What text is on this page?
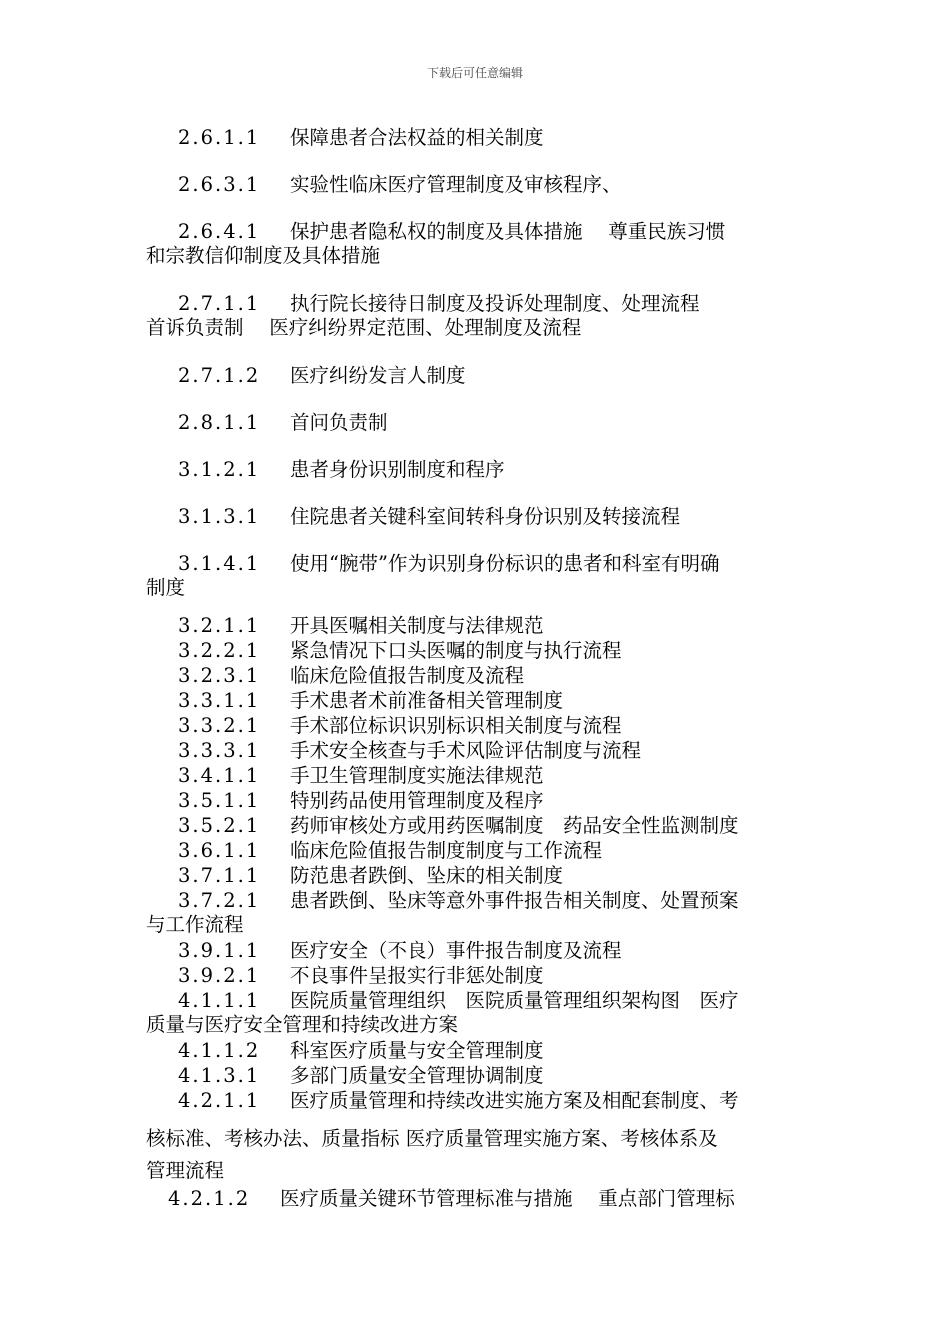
下载后可任意编辑
2.6.1.1 保障患者合法权益的相关制度
2.6.3.1 实验性临床医疗管理制度及审核程序、
2.6.4.1 保护患者隐私权的制度及具体措施　 尊重民族习惯
和宗教信仰制度及具体措施
2.7.1.1 执行院长接待日制度及投诉处理制度、处理流程
首诉负责制　 医疗纠纷界定范围、处理制度及流程
2.7.1.2 医疗纠纷发言人制度
2.8.1.1 首问负责制
3.1.2.1 患者身份识别制度和程序
3.1.3.1 住院患者关键科室间转科身份识别及转接流程
3.1.4.1 使用“腕带”作为识别身份标识的患者和科室有明确
制度
3.2.1.1 开具医嘱相关制度与法律规范
3.2.2.1 紧急情况下口头医嘱的制度与执行流程
3.2.3.1 临床危险值报告制度及流程
3.3.1.1 手术患者术前准备相关管理制度
3.3.2.1 手术部位标识识别标识相关制度与流程
3.3.3.1 手术安全核查与手术风险评估制度与流程
3.4.1.1 手卫生管理制度实施法律规范
3.5.1.1 特别药品使用管理制度及程序
3.5.2.1 药师审核处方或用药医嘱制度　药品安全性监测制度
3.6.1.1 临床危险值报告制度制度与工作流程
3.7.1.1 防范患者跌倒、坠床的相关制度
3.7.2.1 患者跌倒、坠床等意外事件报告相关制度、处置预案
与工作流程
3.9.1.1 医疗安全（不良）事件报告制度及流程
3.9.2.1 不良事件呈报实行非惩处制度
4.1.1.1 医院质量管理组织　医院质量管理组织架构图　医疗
质量与医疗安全管理和持续改进方案
4.1.1.2 科室医疗质量与安全管理制度
4.1.3.1 多部门质量安全管理协调制度
4.2.1.1 医疗质量管理和持续改进实施方案及相配套制度、考
核标准、考核办法、质量指标 医疗质量管理实施方案、考核体系及
管理流程
4.2.1.2 医疗质量关键环节管理标准与措施　 重点部门管理标
